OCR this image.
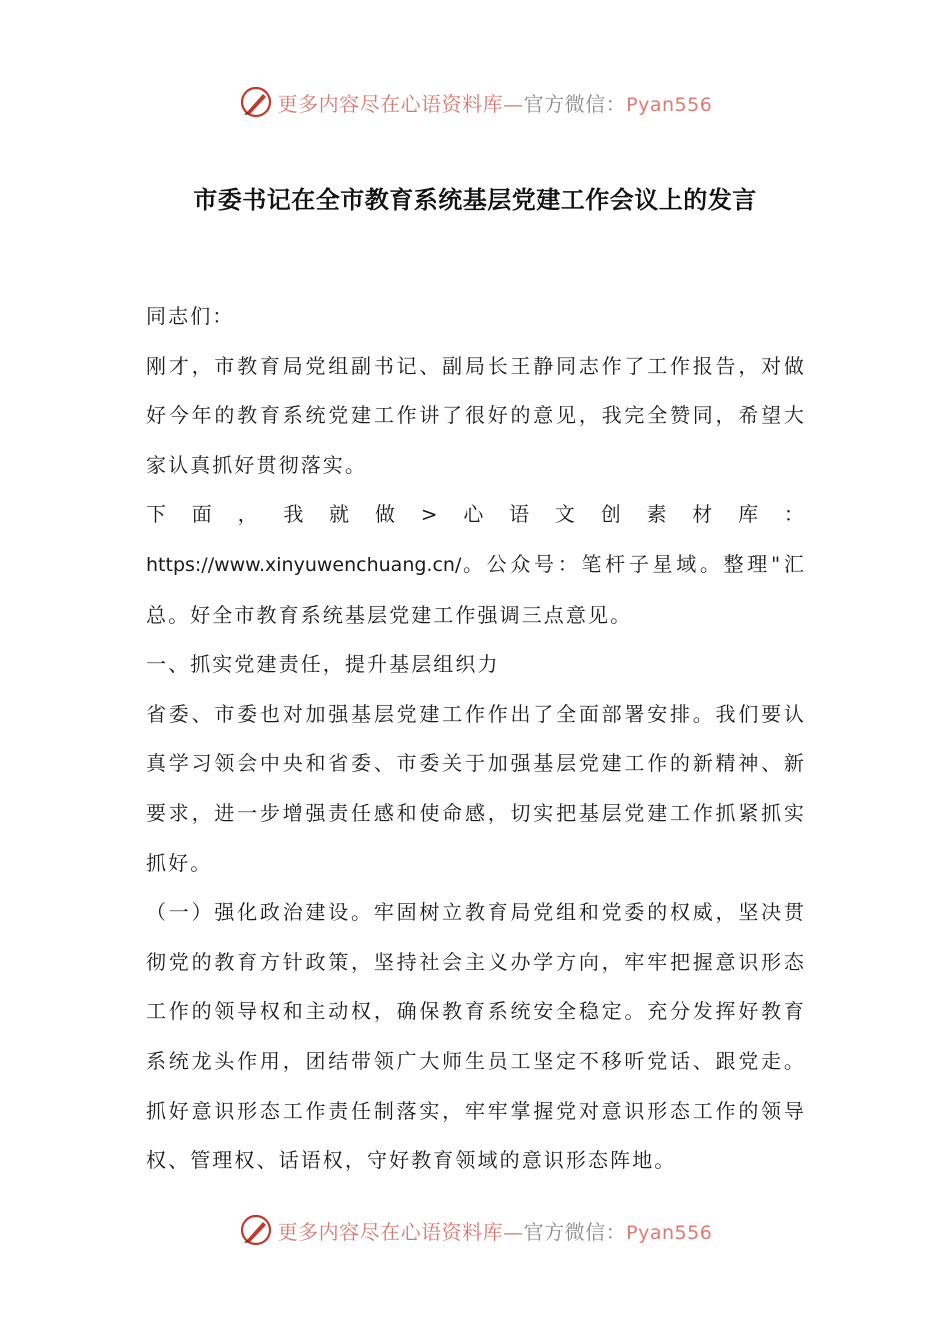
更多内容尽在心语资料库—官方微信：Pyan556
市委书记在全市教育系统基层党建工作会议上的发言

同志们：

刚才，市教育局党组副书记、副局长王静同志作了工作报告，对做好今年的教育系统党建工作讲了很好的意见，我完全赞同，希望大家认真抓好贯彻落实。

下面，我就做>心语文创素材库：https://www.xinyuwenchuang.cn/。公众号：笔杆子星域。整理"汇总。好全市教育系统基层党建工作强调三点意见。

一、抓实党建责任，提升基层组织力

省委、市委也对加强基层党建工作作出了全面部署安排。我们要认真学习领会中央和省委、市委关于加强基层党建工作的新精神、新要求，进一步增强责任感和使命感，切实把基层党建工作抓紧抓实抓好。

（一）强化政治建设。牢固树立教育局党组和党委的权威，坚决贯彻党的教育方针政策，坚持社会主义办学方向，牢牢把握意识形态工作的领导权和主动权，确保教育系统安全稳定。充分发挥好教育系统龙头作用，团结带领广大师生员工坚定不移听党话、跟党走。抓好意识形态工作责任制落实，牢牢掌握党对意识形态工作的领导权、管理权、话语权，守好教育领域的意识形态阵地。

更多内容尽在心语资料库—官方微信：Pyan556
